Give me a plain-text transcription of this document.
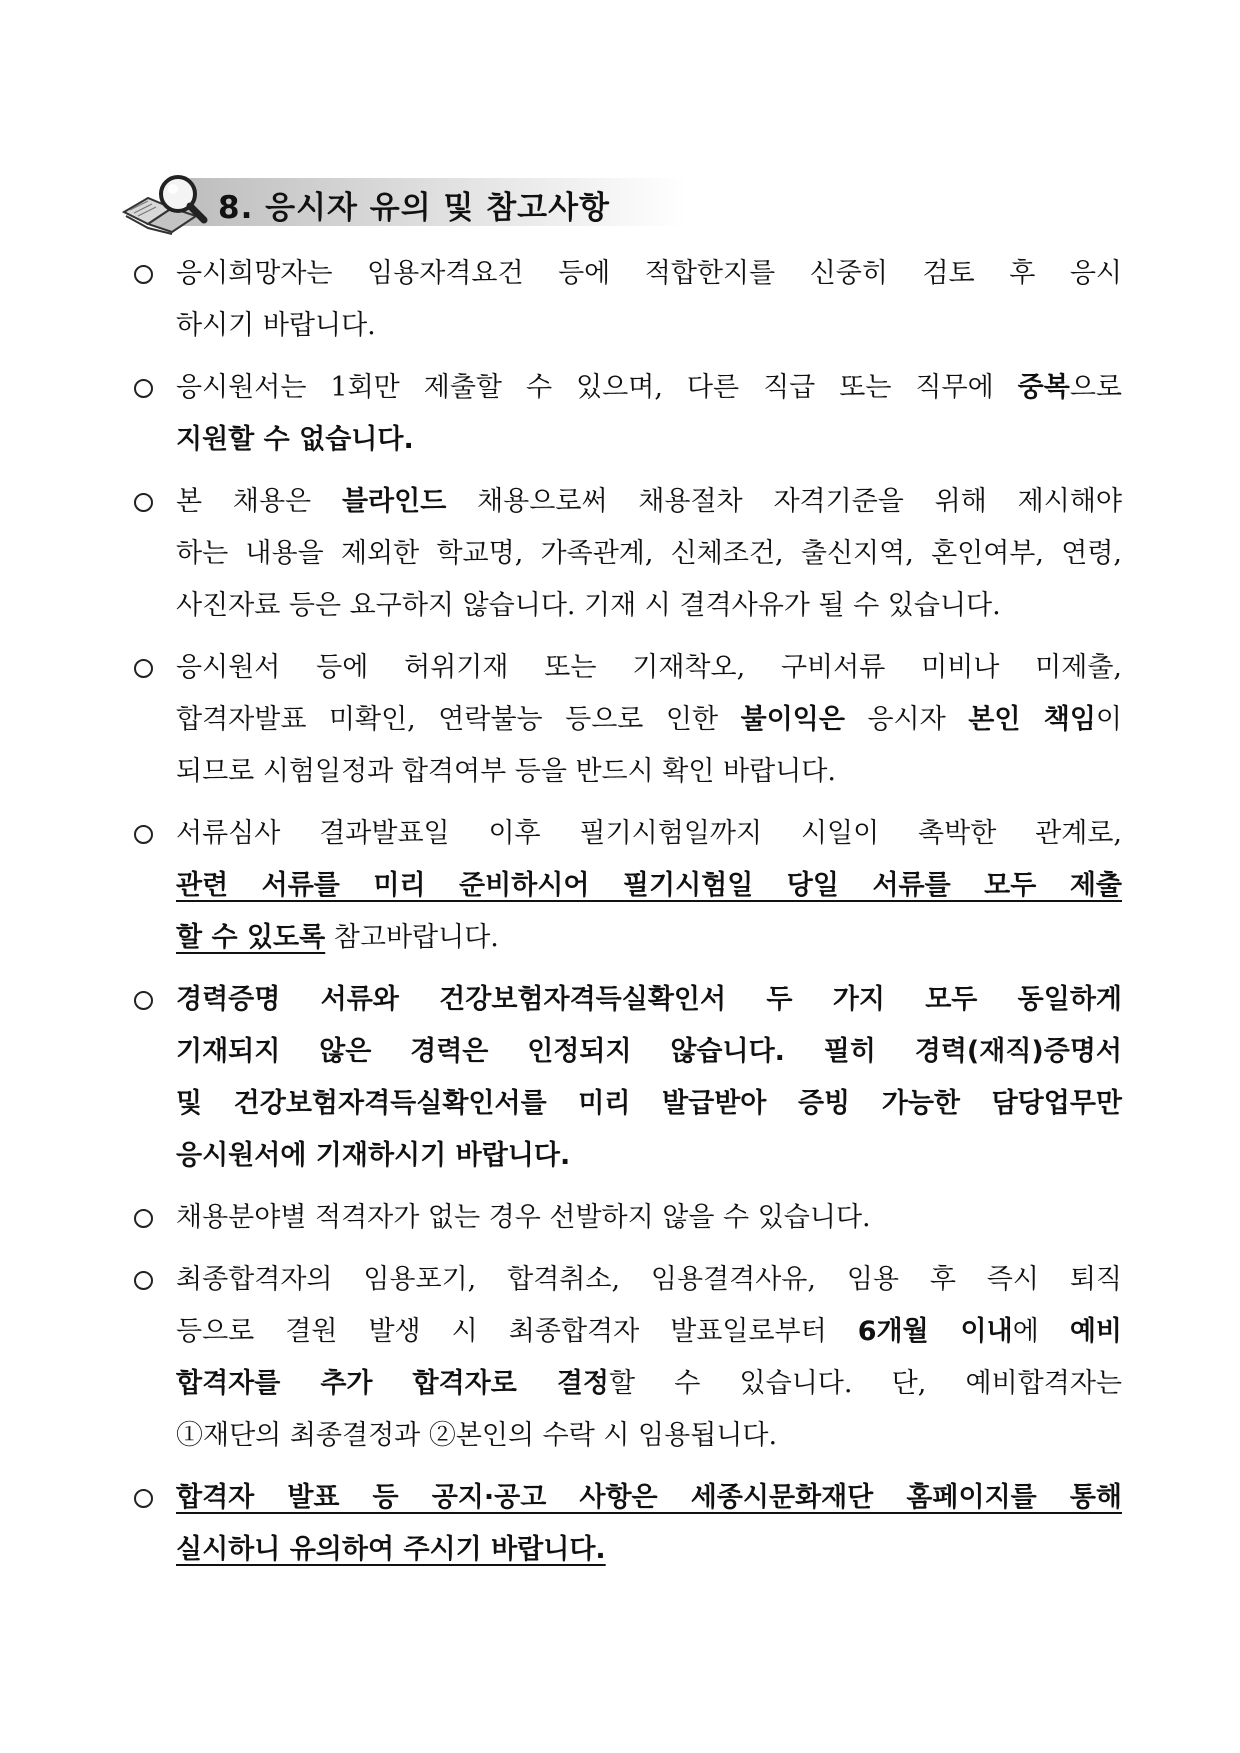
8. 응시자 유의 및 참고사항
응시희망자는 임용자격요건 등에 적합한지를 신중히 검토 후 응시
하시기 바랍니다.
응시원서는 1회만 제출할 수 있으며, 다른 직급 또는 직무에 중복으로
지원할 수 없습니다.
본 채용은 블라인드 채용으로써 채용절차 자격기준을 위해 제시해야
하는 내용을 제외한 학교명, 가족관계, 신체조건, 출신지역, 혼인여부, 연령,
사진자료 등은 요구하지 않습니다. 기재 시 결격사유가 될 수 있습니다.
응시원서 등에 허위기재 또는 기재착오, 구비서류 미비나 미제출,
합격자발표 미확인, 연락불능 등으로 인한 불이익은 응시자 본인 책임이
되므로 시험일정과 합격여부 등을 반드시 확인 바랍니다.
서류심사 결과발표일 이후 필기시험일까지 시일이 촉박한 관계로,
관련 서류를 미리 준비하시어 필기시험일 당일 서류를 모두 제출
할 수 있도록 참고바랍니다.
경력증명 서류와 건강보험자격득실확인서 두 가지 모두 동일하게
기재되지 않은 경력은 인정되지 않습니다. 필히 경력(재직)증명서
및 건강보험자격득실확인서를 미리 발급받아 증빙 가능한 담당업무만
응시원서에 기재하시기 바랍니다.
채용분야별 적격자가 없는 경우 선발하지 않을 수 있습니다.
최종합격자의 임용포기, 합격취소, 임용결격사유, 임용 후 즉시 퇴직
등으로 결원 발생 시 최종합격자 발표일로부터 6개월 이내에 예비
합격자를 추가 합격자로 결정할 수 있습니다. 단, 예비합격자는
①재단의 최종결정과 ②본인의 수락 시 임용됩니다.
합격자 발표 등 공지·공고 사항은 세종시문화재단 홈페이지를 통해
실시하니 유의하여 주시기 바랍니다.
